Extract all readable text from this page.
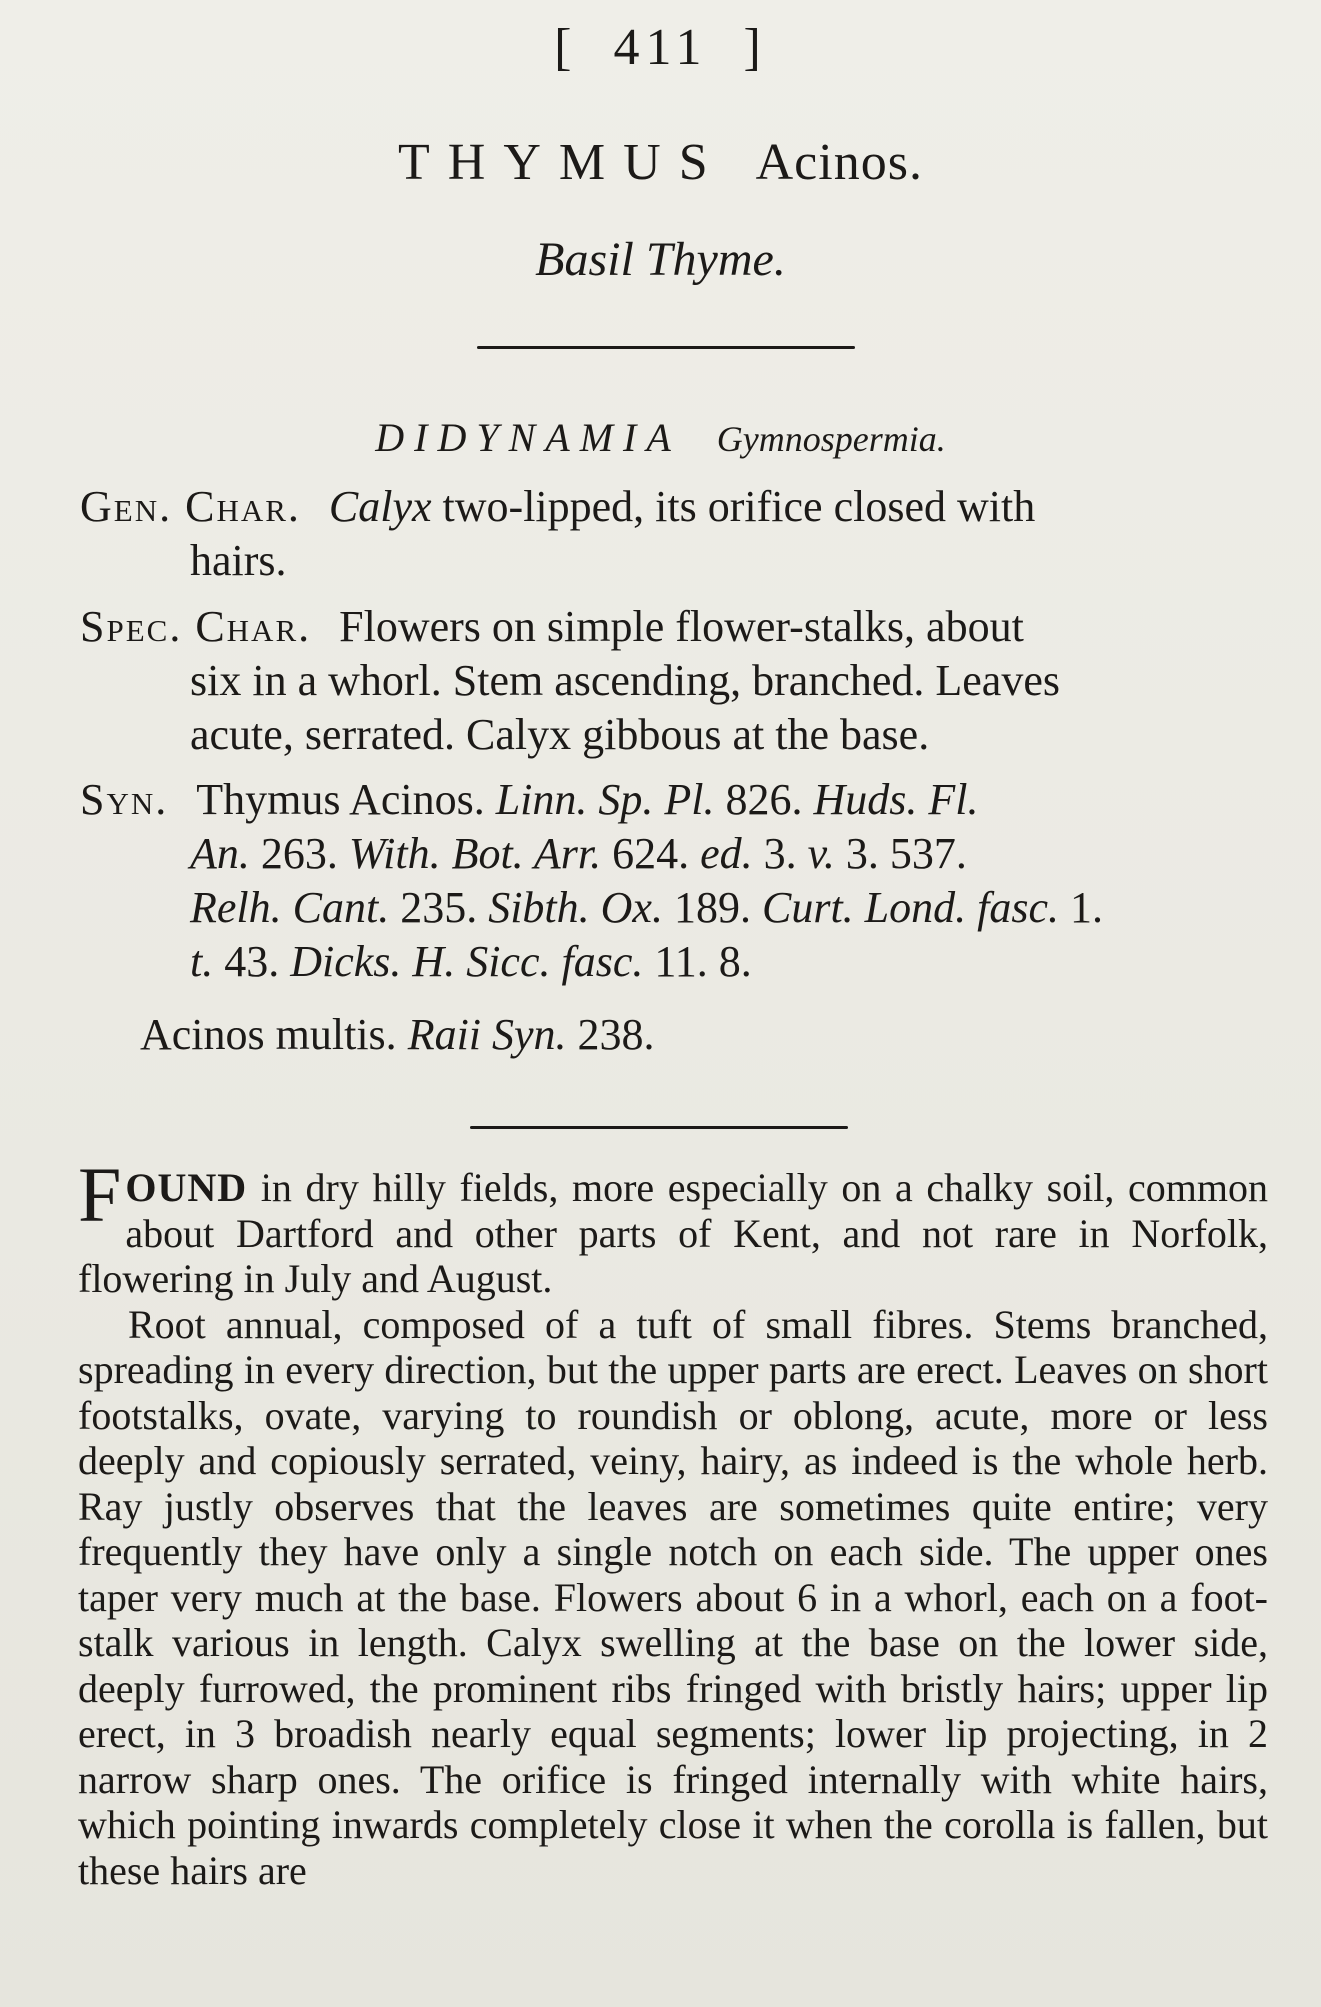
[ 411 ]
THYMUS Acinos.
Basil Thyme.
DIDYNAMIA Gymnospermia.
Gen. Char. Calyx two-lipped, its orifice closed with
hairs.
Spec. Char. Flowers on simple flower-stalks, about
six in a whorl. Stem ascending, branched. Leaves
acute, serrated. Calyx gibbous at the base.
Syn. Thymus Acinos. Linn. Sp. Pl. 826. Huds. Fl.
An. 263. With. Bot. Arr. 624. ed. 3. v. 3. 537.
Relh. Cant. 235. Sibth. Ox. 189. Curt. Lond. fasc. 1.
t. 43. Dicks. H. Sicc. fasc. 11. 8.
Acinos multis. Raii Syn. 238.

FOUND in dry hilly fields, more especially on a chalky soil, common about Dartford and other parts of Kent, and not rare in Norfolk, flowering in July and August.

Root annual, composed of a tuft of small fibres. Stems branched, spreading in every direction, but the upper parts are erect. Leaves on short footstalks, ovate, varying to roundish or oblong, acute, more or less deeply and copiously serrated, veiny, hairy, as indeed is the whole herb. Ray justly observes that the leaves are sometimes quite entire; very frequently they have only a single notch on each side. The upper ones taper very much at the base. Flowers about 6 in a whorl, each on a foot-stalk various in length. Calyx swelling at the base on the lower side, deeply furrowed, the prominent ribs fringed with bristly hairs; upper lip erect, in 3 broadish nearly equal segments; lower lip projecting, in 2 narrow sharp ones. The orifice is fringed internally with white hairs, which pointing inwards completely close it when the corolla is fallen, but these hairs are
